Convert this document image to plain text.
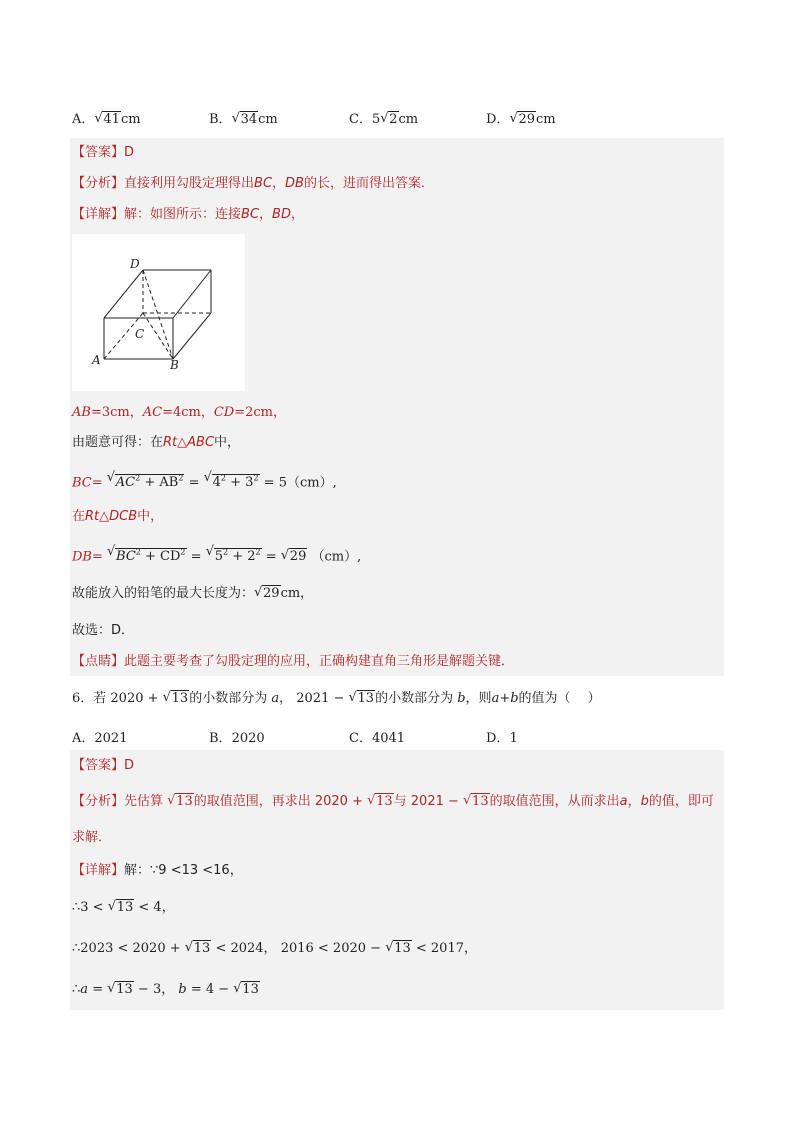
A． √ 41cm	B． √ 34cm	C．5 √ 2cm	D． √ 29cm
【答案】D
【分析】直接利用勾股定理得出BC，DB的长，进而得出答案．
【详解】解：如图所示：连接BC，BD，
D
C
A	B
AB=3cm，AC=4cm，CD=2cm，
由题意可得：在Rt△ABC中，
BC= √ $AC^2 + AB^2$ = √ $4^2 + 3^2 = 5(cm)$,
在Rt△DCB中，
DB= √ $BC^2 + CD^2$ = √ $5^2 + 2^2$ = √ 29 （cm）,
故能放入的铅笔的最大长度为： √ 29cm，
故选：D．
【点睛】此题主要考查了勾股定理的应用，正确构建直角三角形是解题关键．
6．若 2020 + √ 13的小数部分为 a， 2021 − √ 13的小数部分为 b，则a+b的值为（　 ）
A．2021	B．2020	C．4041	D．1
【答案】D
【分析】先估算 √ 13的取值范围，再求出 2020 + √ 13与 2021 − √ 13的取值范围，从而求出a，b的值，即可
求解．
【详解】解：∵9 <13 <16，
∴3 < √ 13 < 4，
∴2023 < 2020 + √ 13 < 2024， 2016 < 2020 − √ 13 < 2017，
∴a = √ 13 − 3， b = 4 − √ 13
